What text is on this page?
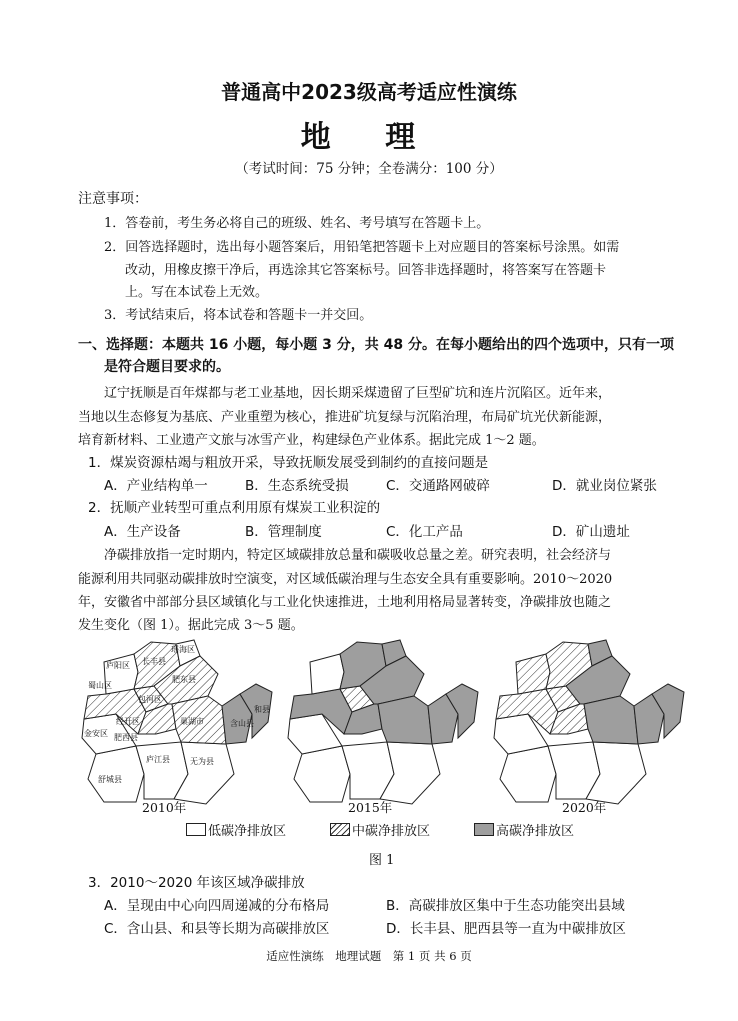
普通高中2023级高考适应性演练
地 理
（考试时间：75 分钟；全卷满分：100 分）
注意事项：
1．答卷前，考生务必将自己的班级、姓名、考号填写在答题卡上。
2．回答选择题时，选出每小题答案后，用铅笔把答题卡上对应题目的答案标号涂黑。如需
改动，用橡皮擦干净后，再选涂其它答案标号。回答非选择题时，将答案写在答题卡
上。写在本试卷上无效。
3．考试结束后，将本试卷和答题卡一并交回。
一、选择题：本题共 16 小题，每小题 3 分，共 48 分。在每小题给出的四个选项中，只有一项
是符合题目要求的。
辽宁抚顺是百年煤都与老工业基地，因长期采煤遗留了巨型矿坑和连片沉陷区。近年来，
当地以生态修复为基底、产业重塑为核心，推进矿坑复绿与沉陷治理，布局矿坑光伏新能源，
培育新材料、工业遗产文旅与冰雪产业，构建绿色产业体系。据此完成 1～2 题。
1．煤炭资源枯竭与粗放开采，导致抚顺发展受到制约的直接问题是
A．产业结构单一	B．生态系统受损	C．交通路网破碎	D．就业岗位紧张
2．抚顺产业转型可重点利用原有煤炭工业积淀的
A．生产设备	B．管理制度	C．化工产品	D．矿山遗址
净碳排放指一定时期内，特定区域碳排放总量和碳吸收总量之差。研究表明，社会经济与
能源利用共同驱动碳排放时空演变，对区域低碳治理与生态安全具有重要影响。2010～2020
年，安徽省中部部分县区域镇化与工业化快速推进，土地利用格局显著转变，净碳排放也随之
发生变化（图 1）。据此完成 3～5 题。
瑶海区
庐阳区 长丰县
蜀山区
包河区
肥东县
经开区	巢湖市	含山县
和县
肥西县
庐江县	无为县
舒城县
金安区
2010年	2015年	2020年
低碳净排放区	中碳净排放区	高碳净排放区
图 1
3．2010～2020 年该区域净碳排放
A．呈现由中心向四周递减的分布格局	B．高碳排放区集中于生态功能突出县域
C．含山县、和县等长期为高碳排放区	D．长丰县、肥西县等一直为中碳排放区
适应性演练　地理试题　第 1 页 共 6 页
